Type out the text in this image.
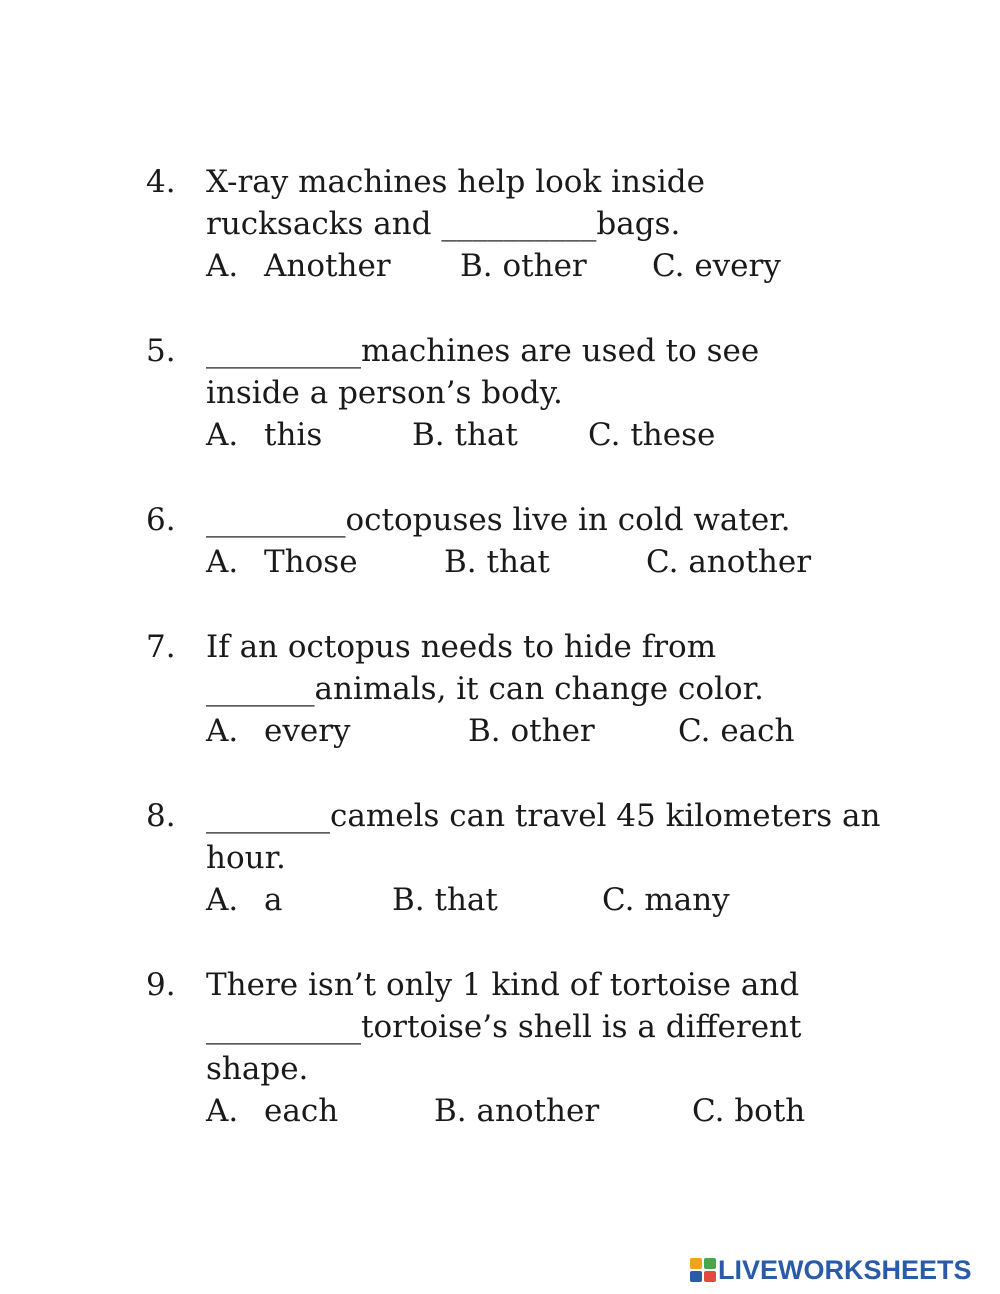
4. X-ray machines help look inside rucksacks and __________bags.

A. Another B. other C. every
5. __________machines are used to see inside a person’s body.

A. this	B. that C. these
6. _________octopuses live in cold water.

A. Those	B. that	C. another
7. If an octopus needs to hide from _______animals, it can change color.

A. every	B. other	C. each
8. ________camels can travel 45 kilometers an hour.

A. a	B. that	C. many
9. There isn’t only 1 kind of tortoise and __________tortoise’s shell is a different shape.

A. each	B. another	C. both
LIVEWORKSHEETS
